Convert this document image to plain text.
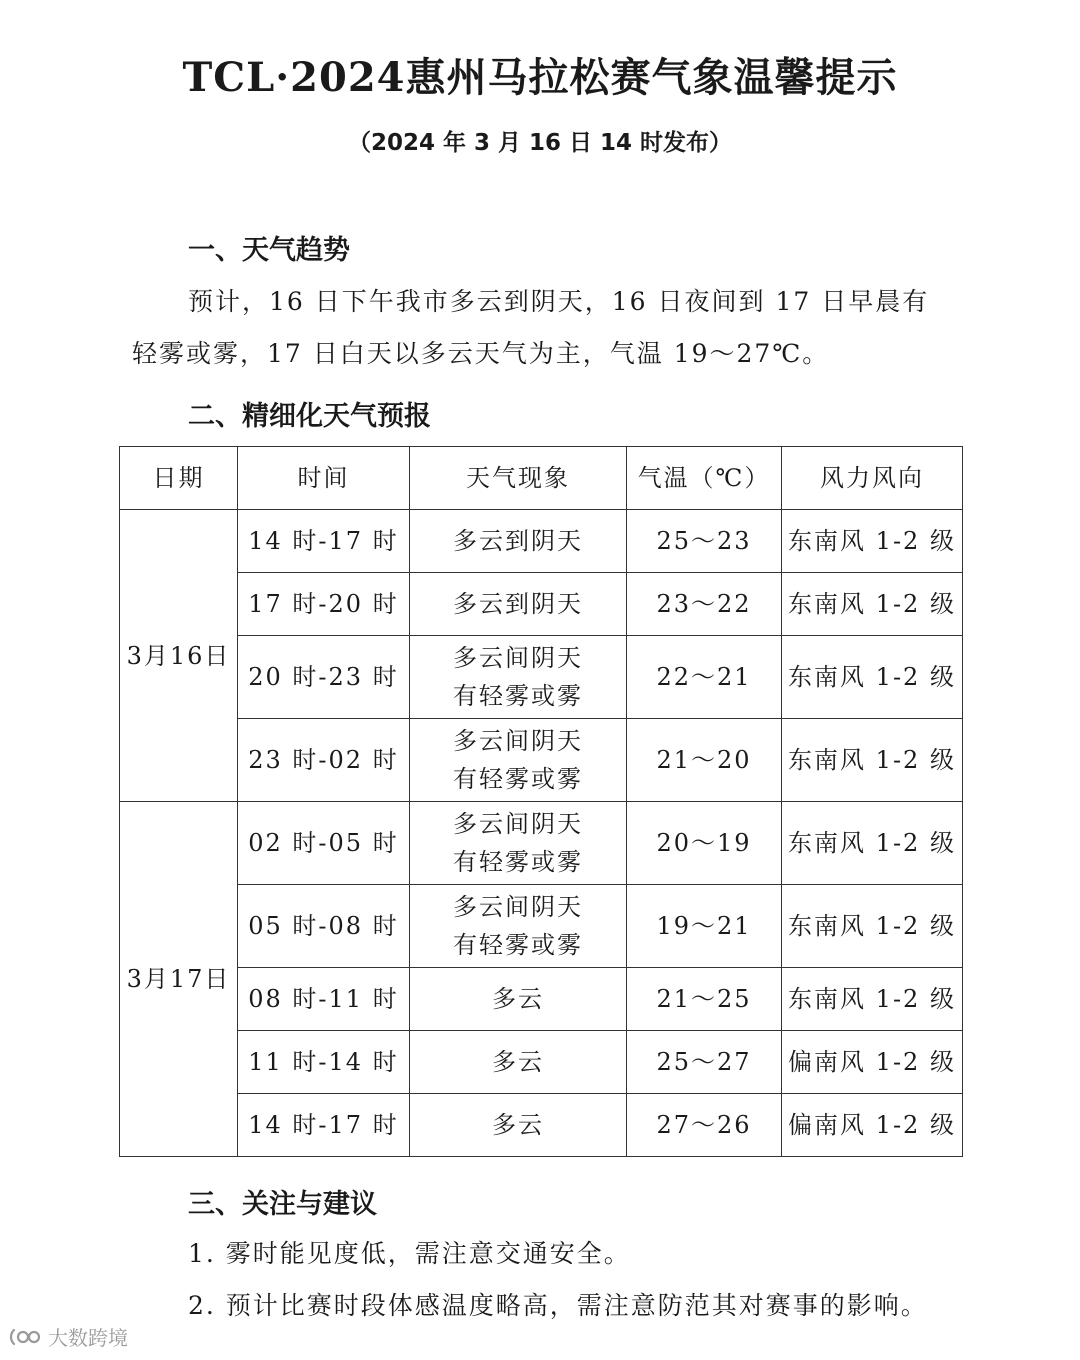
TCL·2024惠州马拉松赛气象温馨提示
（2024 年 3 月 16 日 14 时发布）
一、天气趋势
预计，16 日下午我市多云到阴天，16 日夜间到 17 日早晨有
轻雾或雾，17 日白天以多云天气为主，气温 19～27℃。
二、精细化天气预报
日期	时间	天气现象	气温（℃）	风力风向
3月16日	14 时-17 时	多云到阴天	25～23	东南风 1-2 级
	17 时-20 时	多云到阴天	23～22	东南风 1-2 级
	20 时-23 时	多云间阴天
有轻雾或雾	22～21	东南风 1-2 级
	23 时-02 时	多云间阴天
有轻雾或雾	21～20	东南风 1-2 级
3月17日	02 时-05 时	多云间阴天
有轻雾或雾	20～19	东南风 1-2 级
	05 时-08 时	多云间阴天
有轻雾或雾	19～21	东南风 1-2 级
	08 时-11 时	多云	21～25	东南风 1-2 级
	11 时-14 时	多云	25～27	偏南风 1-2 级
	14 时-17 时	多云	27～26	偏南风 1-2 级
三、关注与建议
1. 雾时能见度低，需注意交通安全。
2. 预计比赛时段体感温度略高，需注意防范其对赛事的影响。
大数跨境
